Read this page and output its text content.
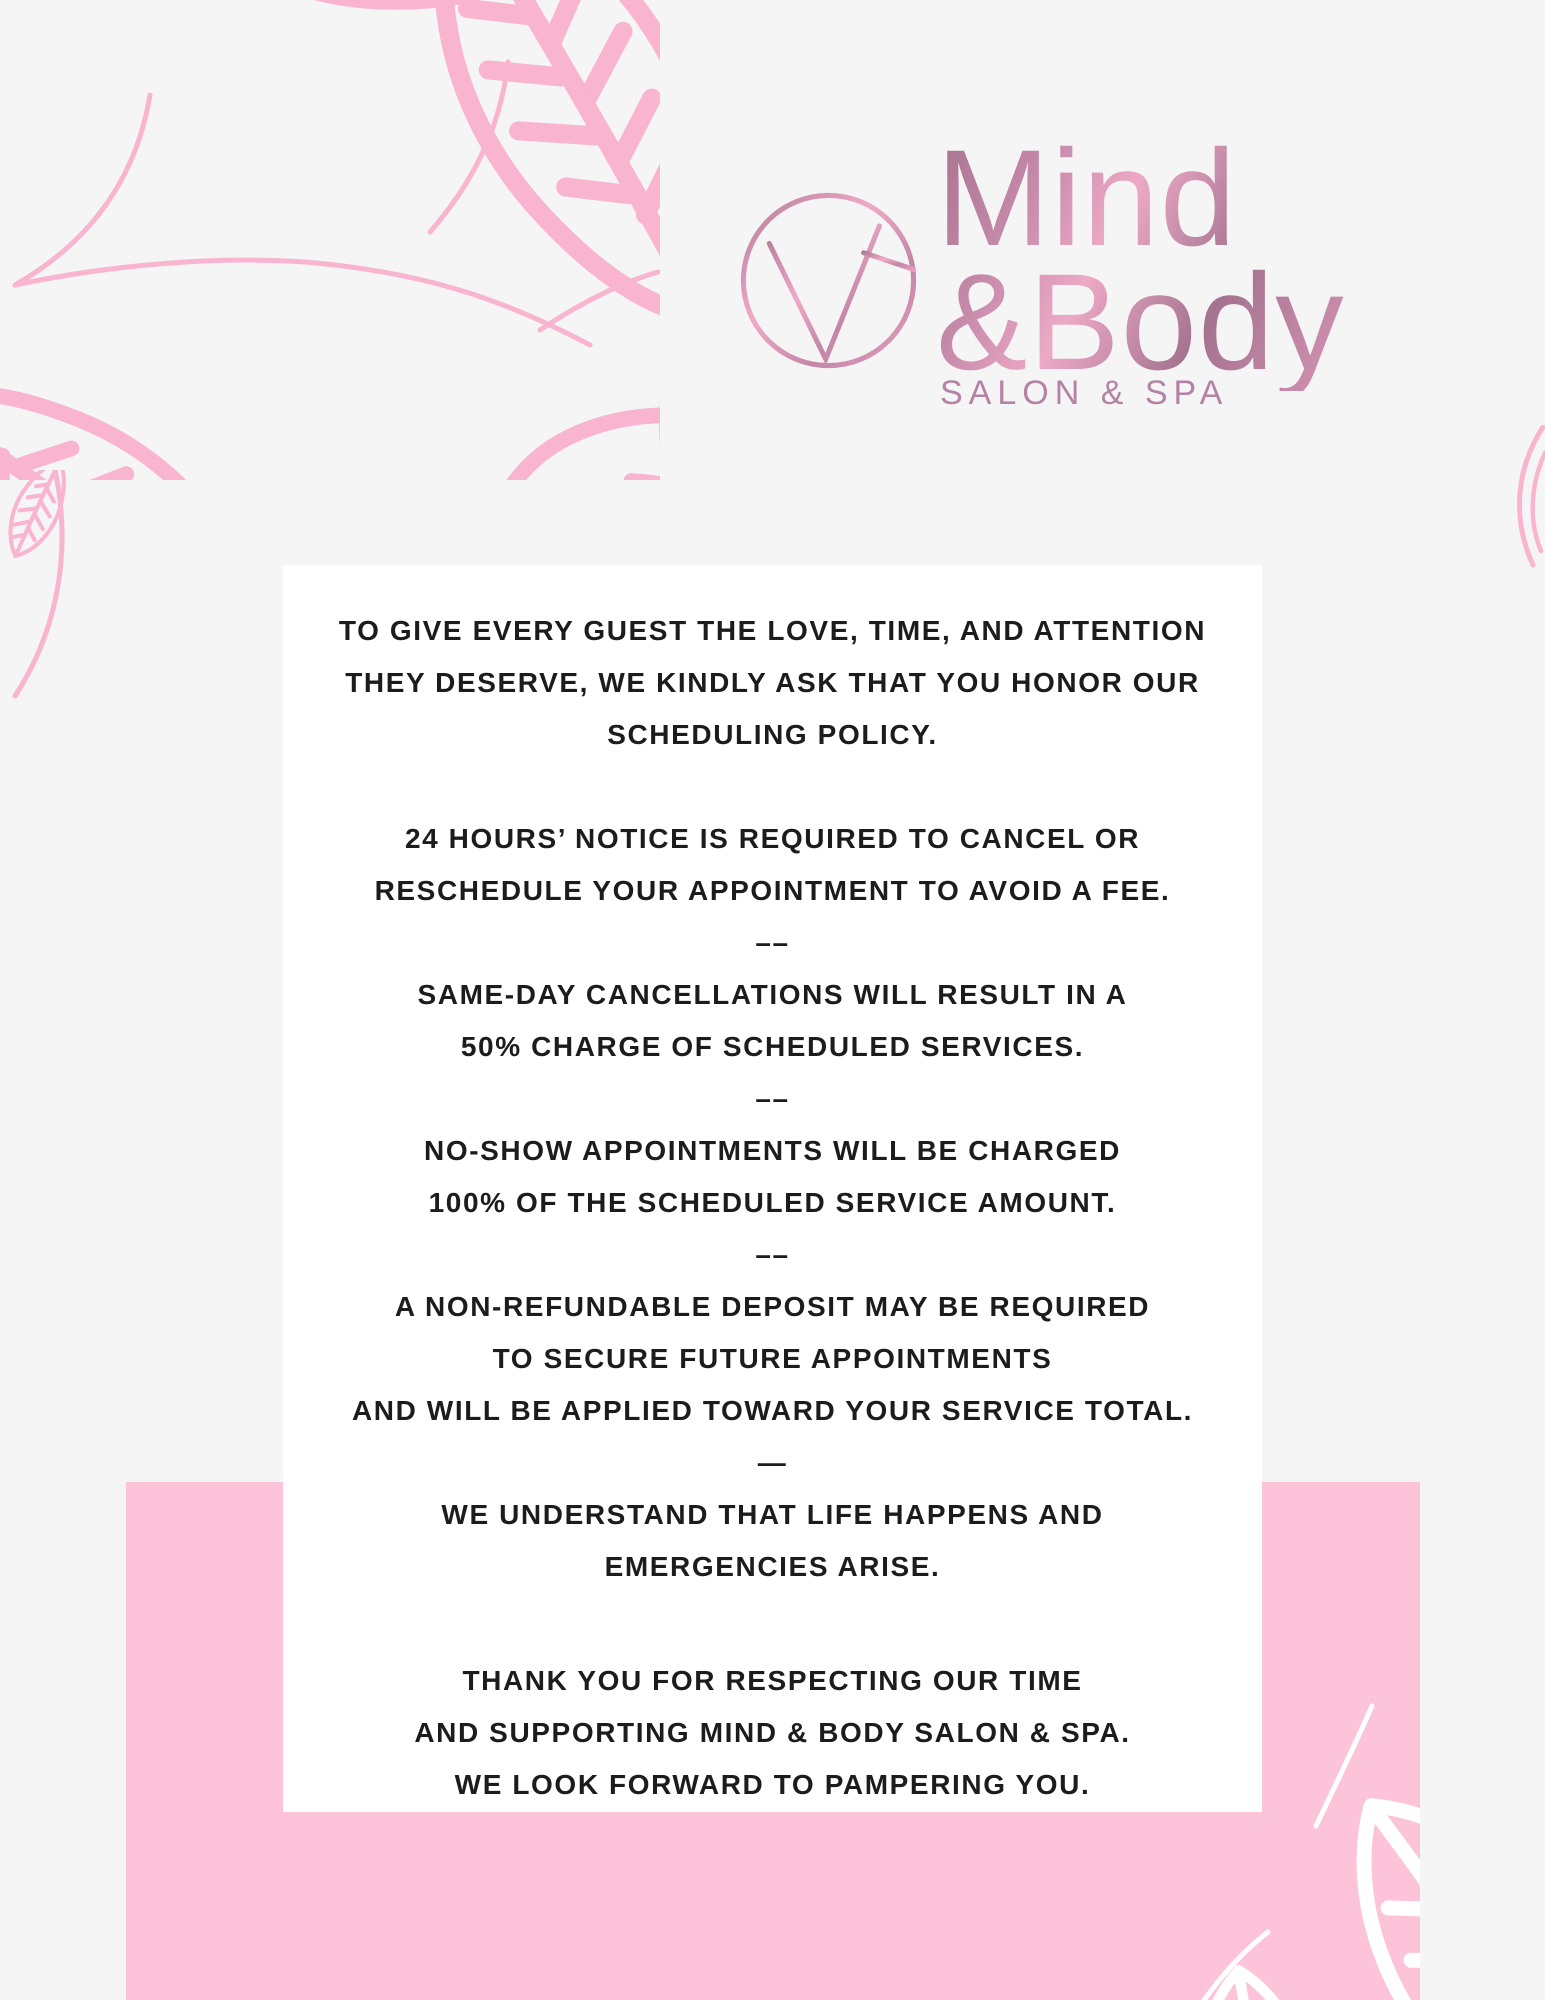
Mind
&Body
SALON & SPA
TO GIVE EVERY GUEST THE LOVE, TIME, AND ATTENTION
THEY DESERVE, WE KINDLY ASK THAT YOU HONOR OUR
SCHEDULING POLICY.
24 HOURS’ NOTICE IS REQUIRED TO CANCEL OR
RESCHEDULE YOUR APPOINTMENT TO AVOID A FEE.
––
SAME-DAY CANCELLATIONS WILL RESULT IN A
50% CHARGE OF SCHEDULED SERVICES.
––
NO-SHOW APPOINTMENTS WILL BE CHARGED
100% OF THE SCHEDULED SERVICE AMOUNT.
––
A NON-REFUNDABLE DEPOSIT MAY BE REQUIRED
TO SECURE FUTURE APPOINTMENTS
AND WILL BE APPLIED TOWARD YOUR SERVICE TOTAL.
—
WE UNDERSTAND THAT LIFE HAPPENS AND
EMERGENCIES ARISE.
THANK YOU FOR RESPECTING OUR TIME
AND SUPPORTING MIND & BODY SALON & SPA.
WE LOOK FORWARD TO PAMPERING YOU.
